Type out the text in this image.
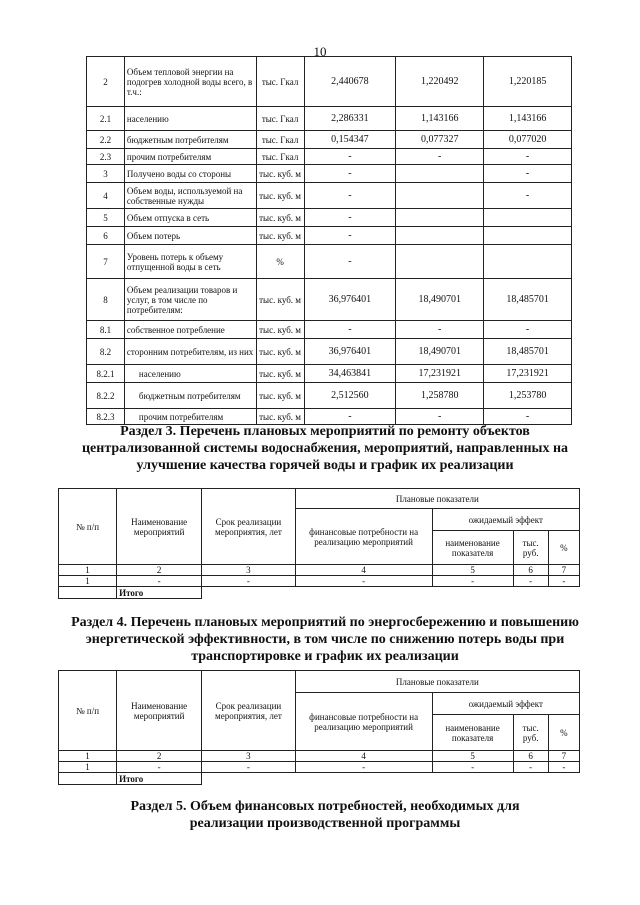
10
2	Объем тепловой энергии на подогрев холодной воды всего, в т.ч.:	тыс. Гкал	2,440678	1,220492	1,220185
2.1	населению	тыс. Гкал	2,286331	1,143166	1,143166
2.2	бюджетным потребителям	тыс. Гкал	0,154347	0,077327	0,077020
2.3	прочим потребителям	тыс. Гкал	-	-	-
3	Получено воды со стороны	тыс. куб. м	-		-
4	Объем воды, используемой на собственные нужды	тыс. куб. м	-		-
5	Объем отпуска в сеть	тыс. куб. м	-		
6	Объем потерь	тыс. куб. м	-		
7	Уровень потерь к объему отпущенной воды в сеть	%	-		
8	Объем реализации товаров и услуг, в том числе по потребителям:	тыс. куб. м	36,976401	18,490701	18,485701
8.1	собственное потребление	тыс. куб. м	-	-	-
8.2	сторонним потребителям, из них	тыс. куб. м	36,976401	18,490701	18,485701
8.2.1	населению	тыс. куб. м	34,463841	17,231921	17,231921
8.2.2	бюджетным потребителям	тыс. куб. м	2,512560	1,258780	1,253780
8.2.3	прочим потребителям	тыс. куб. м	-	-	-
Раздел 3. Перечень плановых мероприятий по ремонту объектов централизованной системы водоснабжения, мероприятий, направленных на улучшение качества горячей воды и график их реализации
№ п/п	Наименование мероприятий	Срок реализации мероприятия, лет	Плановые показатели			
			финансовые потребности на реализацию мероприятий	ожидаемый эффект		
				наименование показателя	тыс. руб.	%
1	2	3	4	5	6	7
1	-	-	-	-	-	-
	Итого					
Раздел 4. Перечень плановых мероприятий по энергосбережению и повышению энергетической эффективности, в том числе по снижению потерь воды при транспортировке и график их реализации
№ п/п	Наименование мероприятий	Срок реализации мероприятия, лет	Плановые показатели			
			финансовые потребности на реализацию мероприятий	ожидаемый эффект		
				наименование показателя	тыс. руб.	%
1	2	3	4	5	6	7
1	-	-	-	-	-	-
	Итого					
Раздел 5. Объем финансовых потребностей, необходимых для реализации производственной программы
